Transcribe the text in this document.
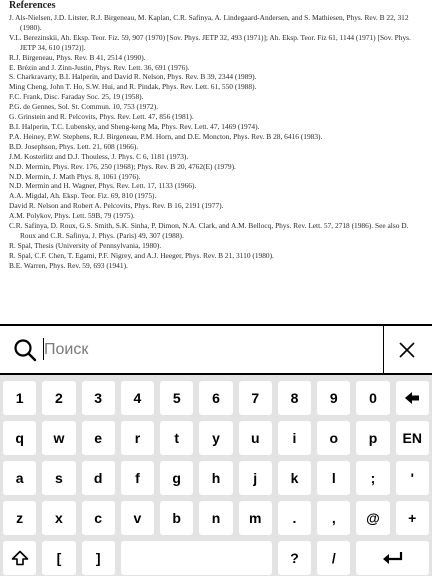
References
J. Als-Nielsen, J.D. Litster, R.J. Birgeneau, M. Kaplan, C.R. Safinya, A. Lindegaard-Andersen, and S. Mathiesen, Phys. Rev. B 22, 312 (1980).
V.L. Berezinskii, Ah. Eksp. Teor. Fiz. 59, 907 (1970) [Sov. Phys. JETP 32, 493 (1971)]; Ah. Eksp. Teor. Fiz 61, 1144 (1971) [Sov. Phys. JETP 34, 610 (1972)].
R.J. Birgeneau, Phys. Rev. B 41, 2514 (1990).
E. Brézin and J. Zinn-Justin, Phys. Rev. Lett. 36, 691 (1976).
S. Charkravarty, B.I. Halperin, and David R. Nelson, Phys. Rev. B 39, 2344 (1989).
Ming Cheng, John T. Ho, S.W. Hui, and R. Pindak, Phys. Rev. Lett. 61, 550 (1988).
F.C. Frank, Disc. Faraday Soc. 25, 19 (1958).
P.G. de Gennes, Sol. St. Commun. 10, 753 (1972).
G. Grinstein and R. Pelcovits, Phys. Rev. Lett. 47, 856 (1981).
B.I. Halperin, T.C. Lubensky, and Sheng-keng Ma, Phys. Rev. Lett. 47, 1469 (1974).
P.A. Heiney, P.W. Stephens, R.J. Birgeneau, P.M. Horn, and D.E. Moncton, Phys. Rev. B 28, 6416 (1983).
B.D. Josephson, Phys. Lett. 21, 608 (1966).
J.M. Kosterlitz and D.J. Thouless, J. Phys. C 6, 1181 (1973).
N.D. Mermin, Phys. Rev. 176, 250 (1968); Phys. Rev. B 20, 4762(E) (1979).
N.D. Mermin, J. Math Phys. 8, 1061 (1976).
N.D. Mermin and H. Wagner, Phys. Rev. Lett. 17, 1133 (1966).
A.A. Migdal, Ah. Eksp. Teor. Fiz. 69, 810 (1975).
David R. Nelson and Robert A. Pelcovits, Phys. Rev. B 16, 2191 (1977).
A.M. Polykov, Phys. Lett. 59B, 79 (1975).
C.R. Safinya, D. Roux, G.S. Smith, S.K. Sinha, P. Dimon, N.A. Clark, and A.M. Bellocq, Phys. Rev. Lett. 57, 2718 (1986). See also D. Roux and C.R. Safinya, J. Phys. (Paris) 49, 307 (1988).
R. Spal, Thesis (University of Pennsylvania, 1980).
R. Spal, C.F. Chen, T. Egami, P.F. Nigrey, and A.J. Heeger, Phys. Rev. B 21, 3110 (1980).
B.E. Warren, Phys. Rev. 59, 693 (1941).
Поиск
1	2	3	4	5	6	7	8	9	0
q	w	e	r	t	y	u	i	o	p	EN
a	s	d	f	g	h	j	k	l	;	'
z	x	c	v	b	n	m	.	,	@	+
[	]	?	/
